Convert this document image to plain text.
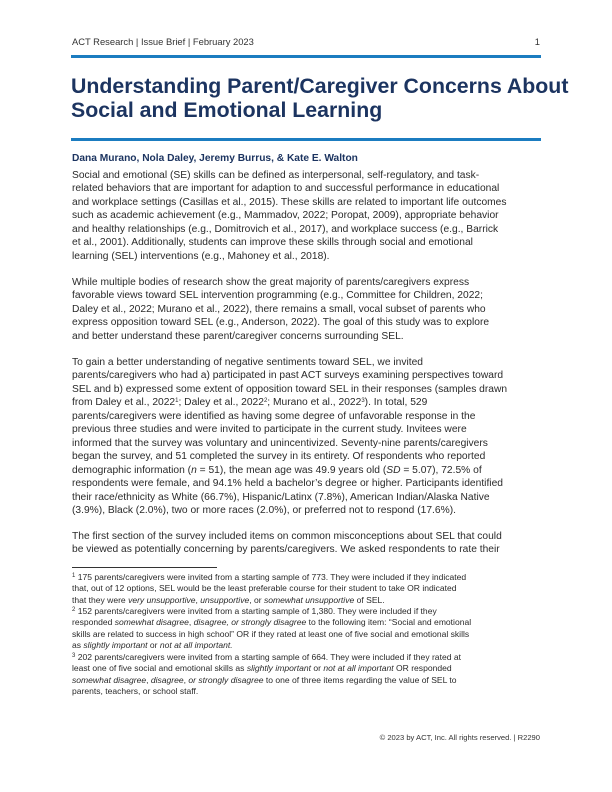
ACT Research | Issue Brief | February 2023	1
Understanding Parent/Caregiver Concerns About
Social and Emotional Learning
Dana Murano, Nola Daley, Jeremy Burrus, & Kate E. Walton
Social and emotional (SE) skills can be defined as interpersonal, self-regulatory, and task-
related behaviors that are important for adaption to and successful performance in educational
and workplace settings (Casillas et al., 2015). These skills are related to important life outcomes
such as academic achievement (e.g., Mammadov, 2022; Poropat, 2009), appropriate behavior
and healthy relationships (e.g., Domitrovich et al., 2017), and workplace success (e.g., Barrick
et al., 2001). Additionally, students can improve these skills through social and emotional
learning (SEL) interventions (e.g., Mahoney et al., 2018).
While multiple bodies of research show the great majority of parents/caregivers express
favorable views toward SEL intervention programming (e.g., Committee for Children, 2022;
Daley et al., 2022; Murano et al., 2022), there remains a small, vocal subset of parents who
express opposition toward SEL (e.g., Anderson, 2022). The goal of this study was to explore
and better understand these parent/caregiver concerns surrounding SEL.
To gain a better understanding of negative sentiments toward SEL, we invited
parents/caregivers who had a) participated in past ACT surveys examining perspectives toward
SEL and b) expressed some extent of opposition toward SEL in their responses (samples drawn
from Daley et al., 2022$^1$; Daley et al., 2022$^2$; Murano et al., 2022$^3$). In total, 529
parents/caregivers were identified as having some degree of unfavorable response in the
previous three studies and were invited to participate in the current study. Invitees were
informed that the survey was voluntary and unincentivized. Seventy-nine parents/caregivers
began the survey, and 51 completed the survey in its entirety. Of respondents who reported
demographic information (n = 51), the mean age was 49.9 years old (SD = 5.07), 72.5% of
respondents were female, and 94.1% held a bachelor’s degree or higher. Participants identified
their race/ethnicity as White (66.7%), Hispanic/Latinx (7.8%), American Indian/Alaska Native
(3.9%), Black (2.0%), two or more races (2.0%), or preferred not to respond (17.6%).
The first section of the survey included items on common misconceptions about SEL that could
be viewed as potentially concerning by parents/caregivers. We asked respondents to rate their
$^1$ 175 parents/caregivers were invited from a starting sample of 773. They were included if they indicated
that, out of 12 options, SEL would be the least preferable course for their student to take OR indicated
that they were very unsupportive, unsupportive, or somewhat unsupportive of SEL.
$^2$ 152 parents/caregivers were invited from a starting sample of 1,380. They were included if they
responded somewhat disagree, disagree, or strongly disagree to the following item: “Social and emotional
skills are related to success in high school” OR if they rated at least one of five social and emotional skills
as slightly important or not at all important.
$^3$ 202 parents/caregivers were invited from a starting sample of 664. They were included if they rated at
least one of five social and emotional skills as slightly important or not at all important OR responded
somewhat disagree, disagree, or strongly disagree to one of three items regarding the value of SEL to
parents, teachers, or school staff.
© 2023 by ACT, Inc. All rights reserved. | R2290
